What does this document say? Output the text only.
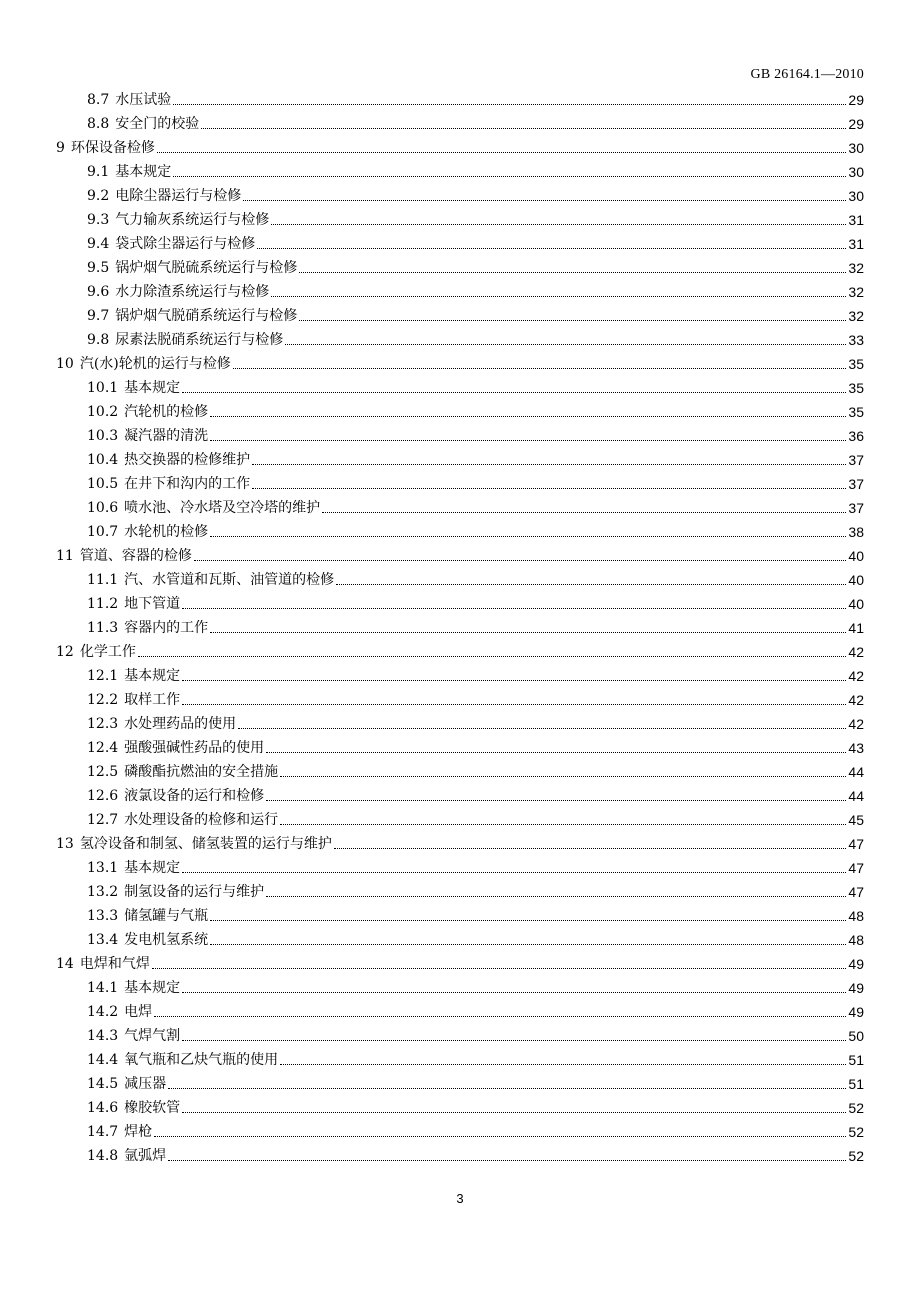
GB 26164.1—2010
8.7 水压试验	29
8.8 安全门的校验	29
9 环保设备检修	30
9.1 基本规定	30
9.2 电除尘器运行与检修	30
9.3 气力输灰系统运行与检修	31
9.4 袋式除尘器运行与检修	31
9.5 锅炉烟气脱硫系统运行与检修	32
9.6 水力除渣系统运行与检修	32
9.7 锅炉烟气脱硝系统运行与检修	32
9.8 尿素法脱硝系统运行与检修	33
10 汽(水)轮机的运行与检修	35
10.1 基本规定	35
10.2 汽轮机的检修	35
10.3 凝汽器的清洗	36
10.4 热交换器的检修维护	37
10.5 在井下和沟内的工作	37
10.6 喷水池、冷水塔及空冷塔的维护	37
10.7 水轮机的检修	38
11 管道、容器的检修	40
11.1 汽、水管道和瓦斯、油管道的检修	40
11.2 地下管道	40
11.3 容器内的工作	41
12 化学工作	42
12.1 基本规定	42
12.2 取样工作	42
12.3 水处理药品的使用	42
12.4 强酸强碱性药品的使用	43
12.5 磷酸酯抗燃油的安全措施	44
12.6 液氯设备的运行和检修	44
12.7 水处理设备的检修和运行	45
13 氢冷设备和制氢、储氢装置的运行与维护	47
13.1 基本规定	47
13.2 制氢设备的运行与维护	47
13.3 储氢罐与气瓶	48
13.4 发电机氢系统	48
14 电焊和气焊	49
14.1 基本规定	49
14.2 电焊	49
14.3 气焊气割	50
14.4 氧气瓶和乙炔气瓶的使用	51
14.5 减压器	51
14.6 橡胶软管	52
14.7 焊枪	52
14.8 氩弧焊	52
3
